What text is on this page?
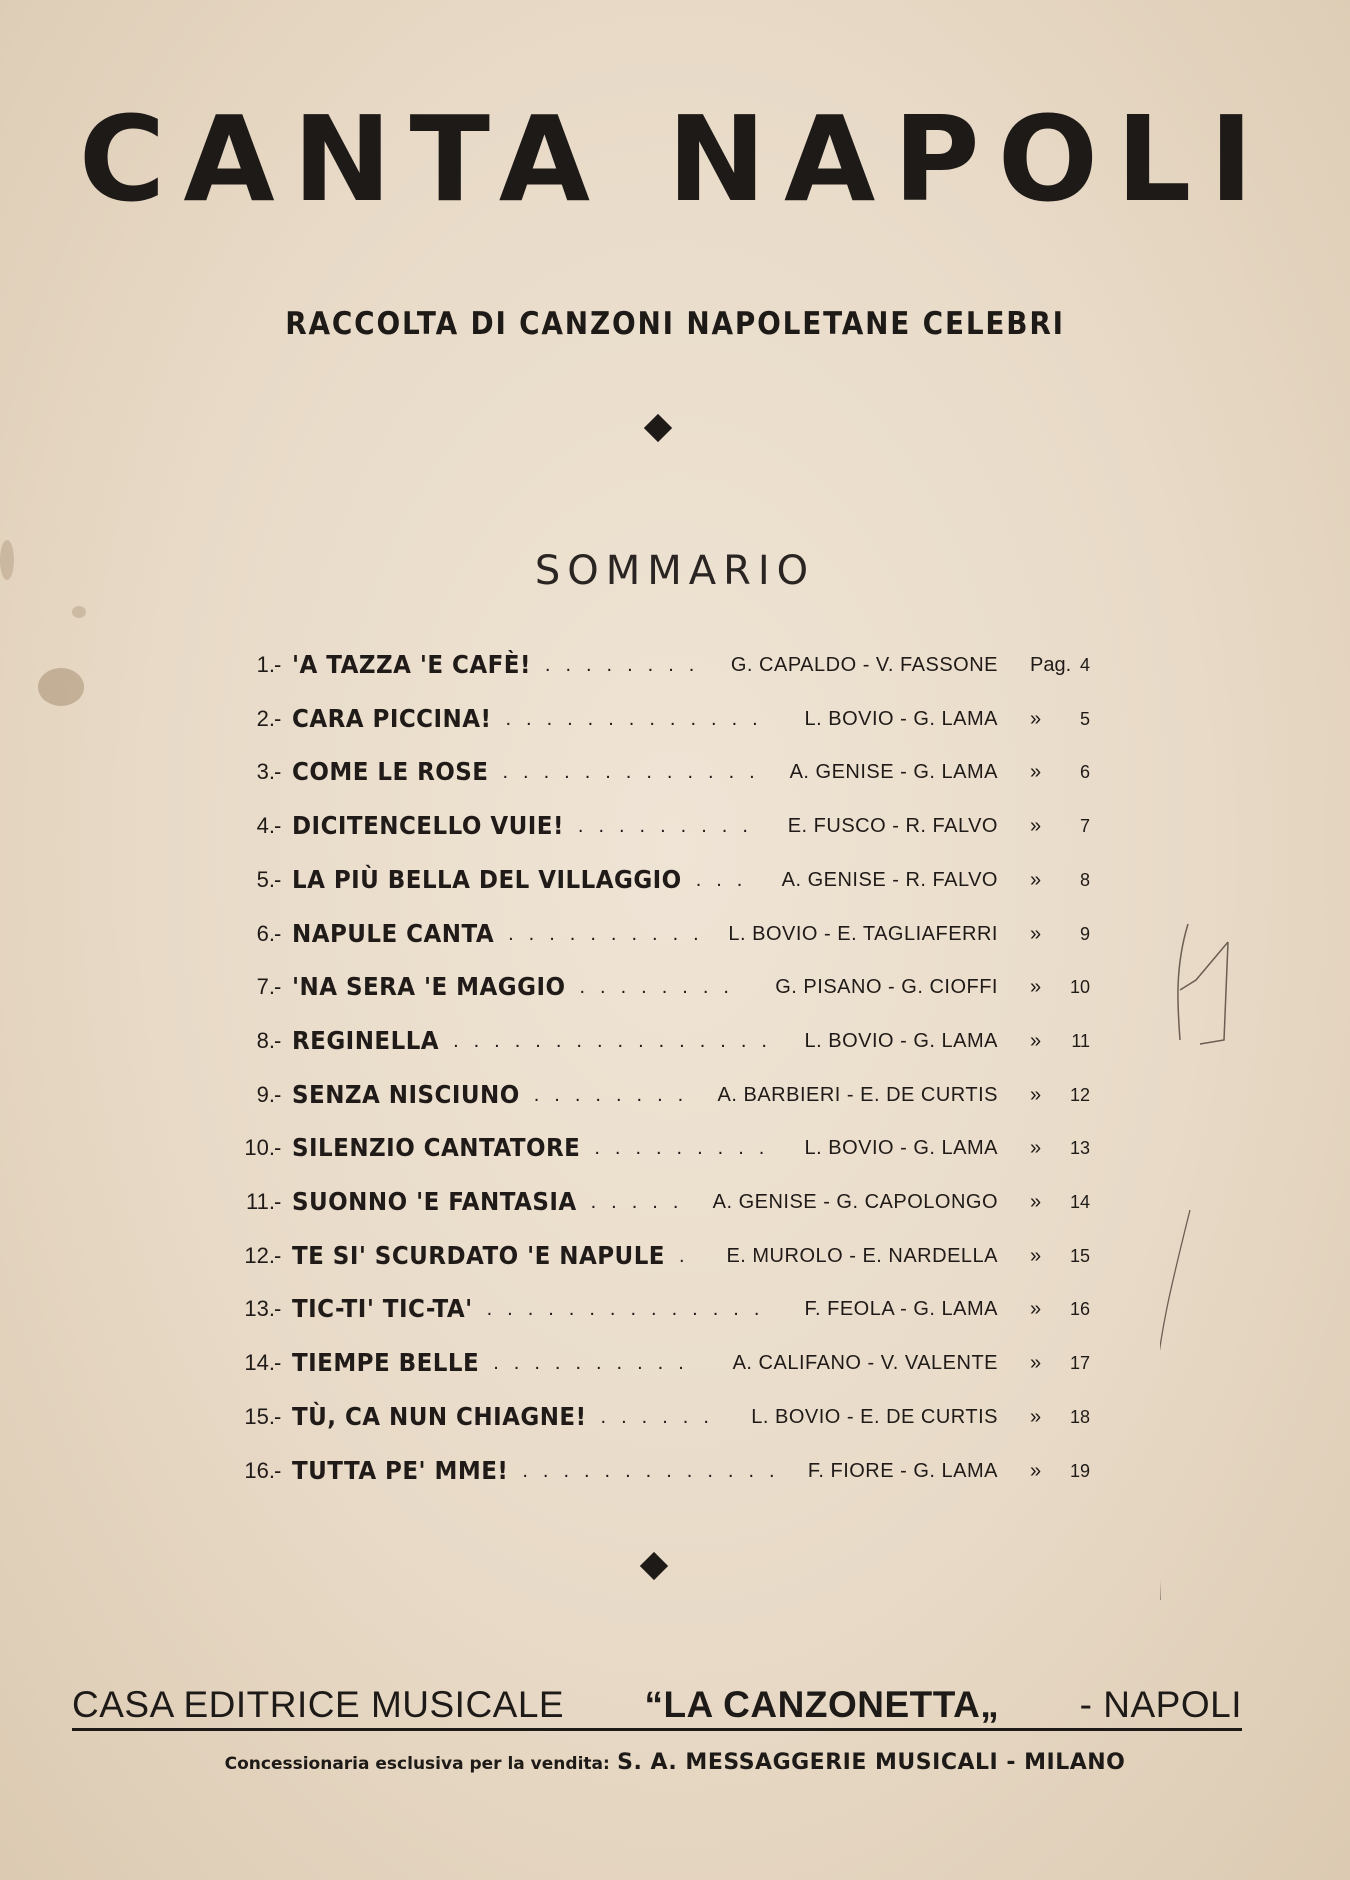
CANTA NAPOLI
RACCOLTA DI CANZONI NAPOLETANE CELEBRI
SOMMARIO
-
1. 'A TAZZA 'E CAFÈ!	G. CAPALDO - V. FASSONE Pag. 4
........
-
2. CARA PICCINA!	L. BOVIO - G. LAMA » 5
.............
-
3. COME LE ROSE	A. GENISE - G. LAMA » 6
.............
-
4. DICITENCELLO VUIE!	E. FUSCO - R. FALVO » 7
.........
-
5. LA PIÙ BELLA DEL VILLAGGIO	A. GENISE - R. FALVO » 8
...
-
6. NAPULE CANTA	L. BOVIO - E. TAGLIAFERRI » 9
..........
-
7. 'NA SERA 'E MAGGIO	G. PISANO - G. CIOFFI » 10
........
-
8. REGINELLA	L. BOVIO - G. LAMA » 11
................
-
9. SENZA NISCIUNO	A. BARBIERI - E. DE CURTIS » 12
........
-
10. SILENZIO CANTATORE	L. BOVIO - G. LAMA » 13
.........
-
11. SUONNO 'E FANTASIA	A. GENISE - G. CAPOLONGO » 14
.....
-
12. TE SI' SCURDATO 'E NAPULE	E. MUROLO - E. NARDELLA » 15
.
-
13. TIC-TI' TIC-TA'	F. FEOLA - G. LAMA » 16
..............
-
14. TIEMPE BELLE	A. CALIFANO - V. VALENTE » 17
..........
-
15. TÙ, CA NUN CHIAGNE!	L. BOVIO - E. DE CURTIS » 18
......
-
16. TUTTA PE' MME!	F. FIORE - G. LAMA » 19
.............
CASA EDITRICE MUSICALE “LA CANZONETTA„ - NAPOLI
Concessionaria esclusiva per la vendita: S. A. MESSAGGERIE MUSICALI - MILANO
